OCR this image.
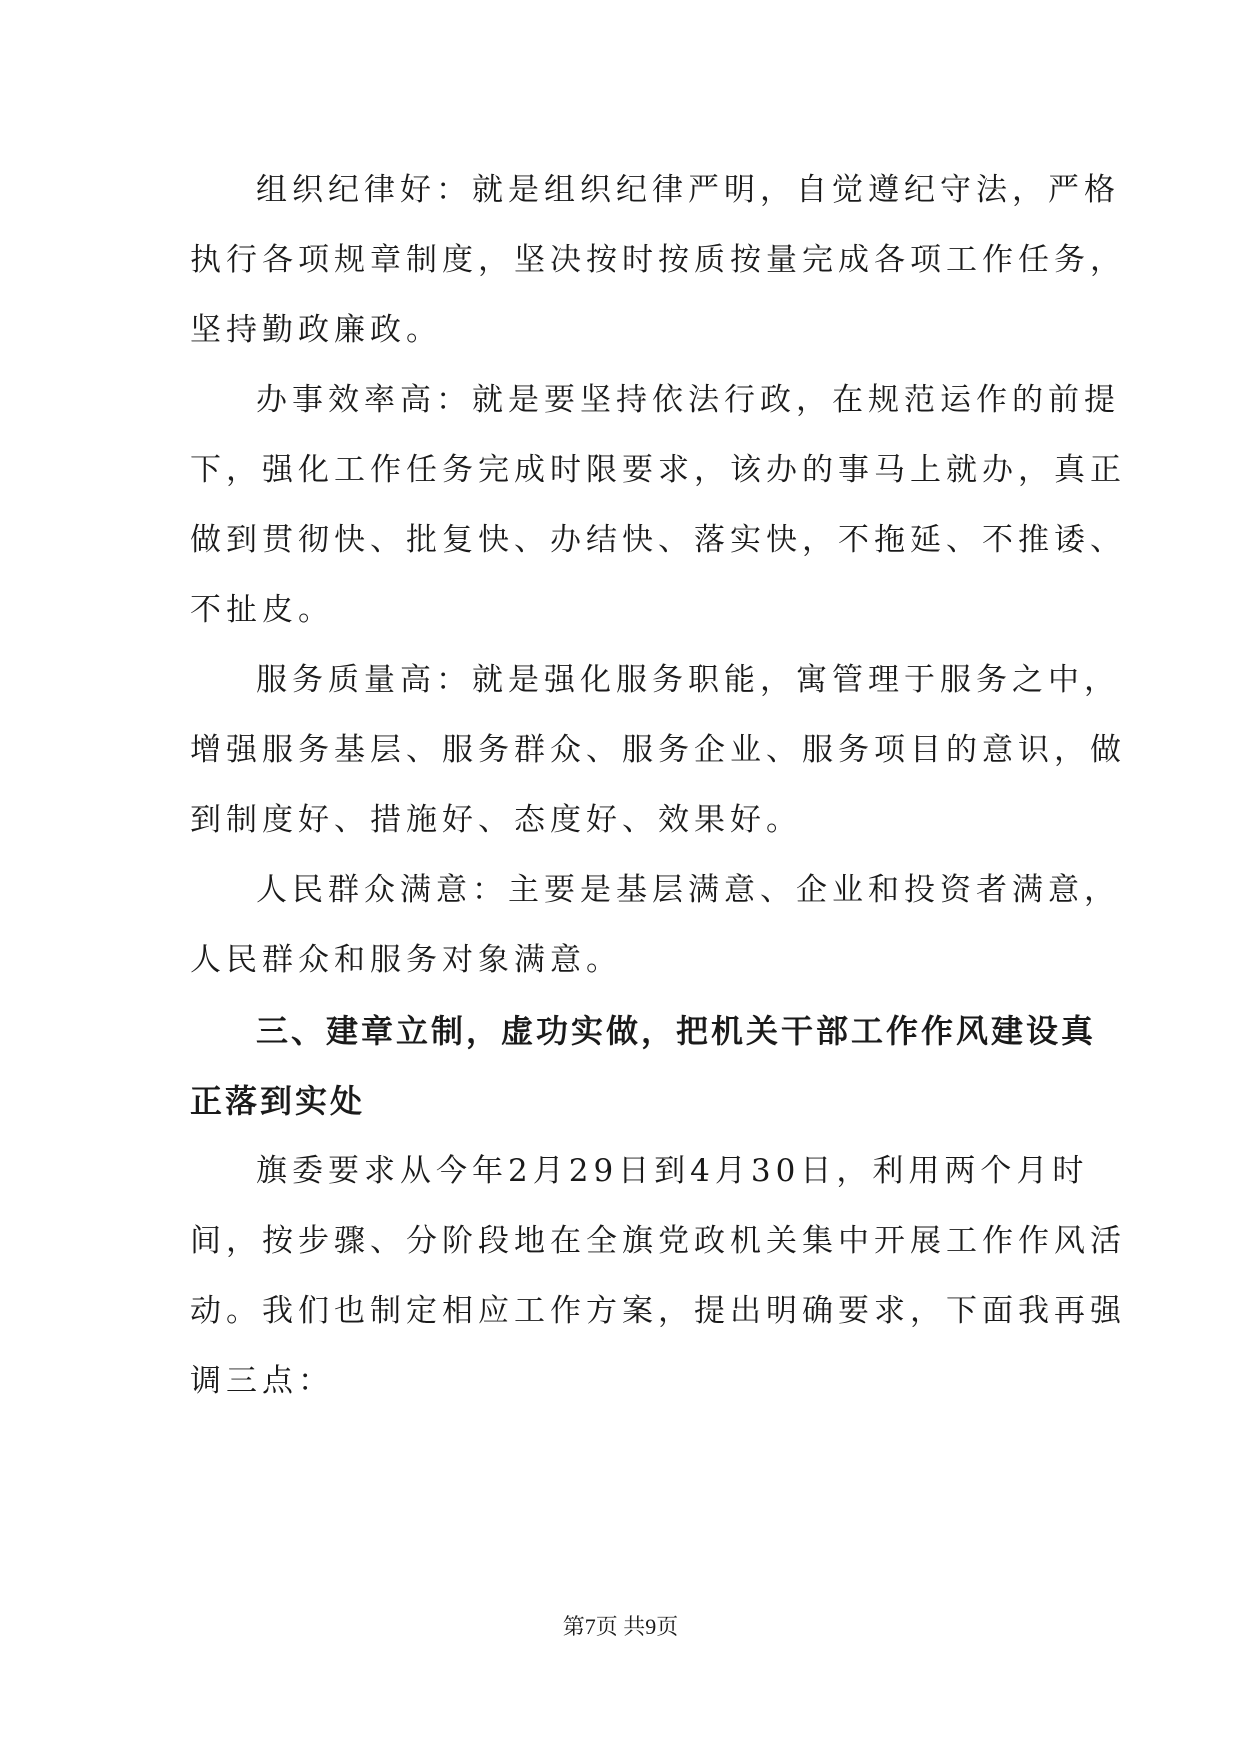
组织纪律好：就是组织纪律严明，自觉遵纪守法，严格

执行各项规章制度，坚决按时按质按量完成各项工作任务，

坚持勤政廉政。

办事效率高：就是要坚持依法行政，在规范运作的前提

下，强化工作任务完成时限要求，该办的事马上就办，真正

做到贯彻快、批复快、办结快、落实快，不拖延、不推诿、

不扯皮。

服务质量高：就是强化服务职能，寓管理于服务之中，

增强服务基层、服务群众、服务企业、服务项目的意识，做

到制度好、措施好、态度好、效果好。

人民群众满意：主要是基层满意、企业和投资者满意，

人民群众和服务对象满意。

三、建章立制，虚功实做，把机关干部工作作风建设真

正落到实处

旗委要求从今年2月29日到4月30日，利用两个月时

间，按步骤、分阶段地在全旗党政机关集中开展工作作风活

动。我们也制定相应工作方案，提出明确要求，下面我再强

调三点：

第7页 共9页
